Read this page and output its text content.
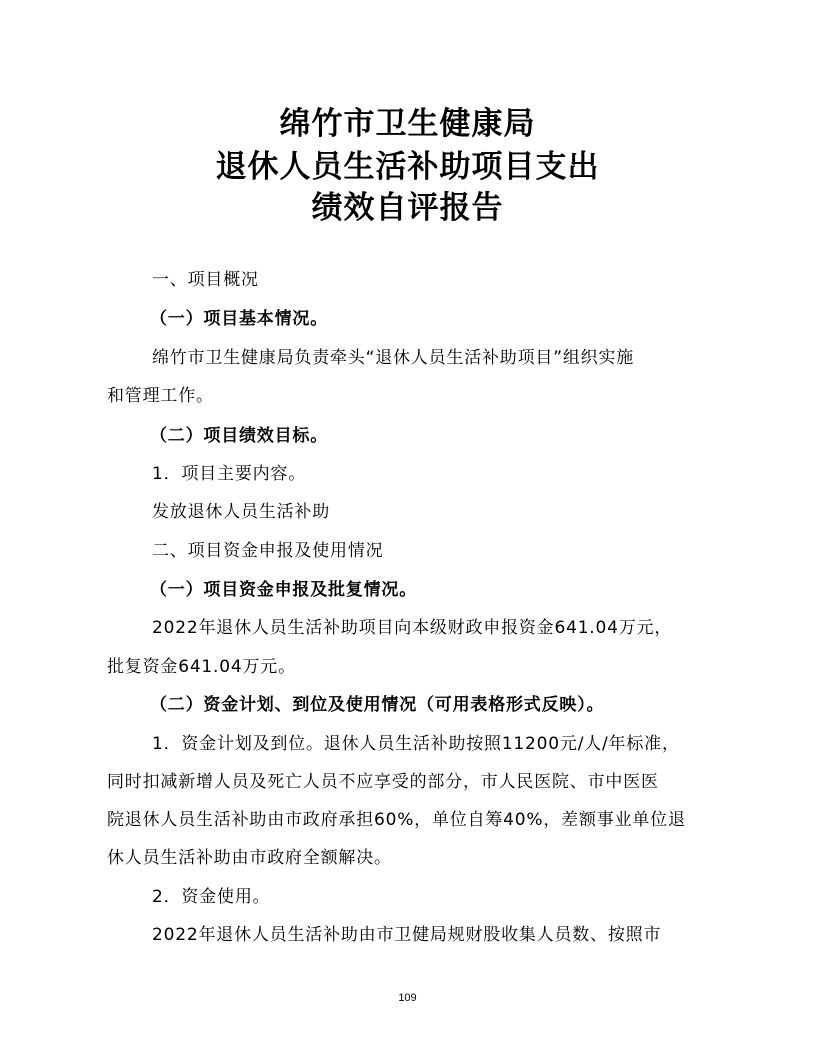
绵竹市卫生健康局
退休人员生活补助项目支出
绩效自评报告
一、项目概况
（一）项目基本情况。
绵竹市卫生健康局负责牵头“退休人员生活补助项目”组织实施
和管理工作。
（二）项目绩效目标。
1．项目主要内容。
发放退休人员生活补助
二、项目资金申报及使用情况
（一）项目资金申报及批复情况。
2022年退休人员生活补助项目向本级财政申报资金641.04万元，
批复资金641.04万元。
（二）资金计划、到位及使用情况（可用表格形式反映）。
1．资金计划及到位。退休人员生活补助按照11200元/人/年标准，
同时扣减新增人员及死亡人员不应享受的部分，市人民医院、市中医医
院退休人员生活补助由市政府承担60%，单位自筹40%，差额事业单位退
休人员生活补助由市政府全额解决。
2．资金使用。
2022年退休人员生活补助由市卫健局规财股收集人员数、按照市
109
